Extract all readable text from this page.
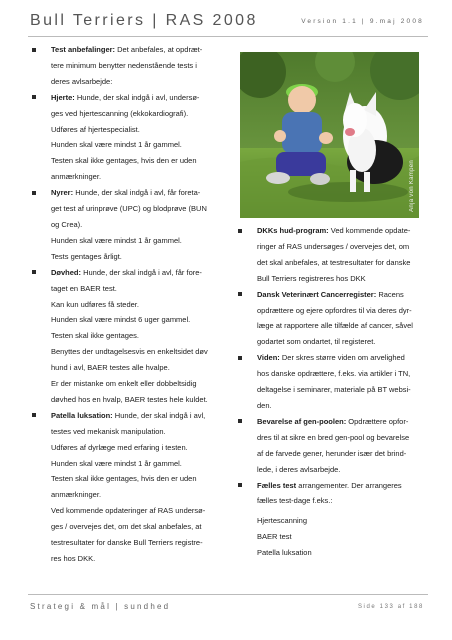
Bull Terriers | RAS 2008	Version 1.1 | 9.maj 2008
Test anbefalinger: Det anbefales, at opdræt-
tere minimum benytter nedenstående tests i
deres avlsarbejde:
Hjerte: Hunde, der skal indgå i avl, undersø-
ges ved hjertescanning (ekkokardiografi).
Udføres af hjertespecialist.
Hunden skal være mindst 1 år gammel.
Testen skal ikke gentages, hvis den er uden
anmærkninger.
Nyrer: Hunde, der skal indgå i avl, får foreta-
get test af urinprøve (UPC) og blodprøve (BUN
og Crea).
Hunden skal være mindst 1 år gammel.
Tests gentages årligt.
Døvhed: Hunde, der skal indgå i avl, får fore-
taget en BAER test.
Kan kun udføres få steder.
Hunden skal være mindst 6 uger gammel.
Testen skal ikke gentages.
Benyttes der undtagelsesvis en enkeltsidet døv
hund i avl, BAER testes alle hvalpe.
Er der mistanke om enkelt eller dobbeltsidig
døvhed hos en hvalp, BAER testes hele kuldet.
Patella luksation: Hunde, der skal indgå i avl,
testes ved mekanisk manipulation.
Udføres af dyrlæge med erfaring i testen.
Hunden skal være mindst 1 år gammel.
Testen skal ikke gentages, hvis den er uden
anmærkninger.
Ved kommende opdateringer af RAS undersø-
ges / overvejes det, om det skal anbefales, at
testresultater for danske Bull Terriers registre-
res hos DKK.
Anja von Kampen
DKKs hud-program: Ved kommende opdate-
ringer af RAS undersøges / overvejes det, om
det skal anbefales, at testresultater for danske
Bull Terriers registreres hos DKK
Dansk Veterinært Cancerregister: Racens
opdrættere og ejere opfordres til via deres dyr-
læge at rapportere alle tilfælde af cancer, såvel
godartet som ondartet, til registeret.
Viden: Der skres større viden om arvelighed
hos danske opdrættere, f.eks. via artikler i TN,
deltagelse i seminarer, materiale på BT websi-
den.
Bevarelse af gen-poolen: Opdrættere opfor-
dres til at sikre en bred gen-pool og bevarelse
af de farvede gener, herunder især det brind-
lede, i deres avlsarbejde.
Fælles test arrangementer. Der arrangeres
fælles test-dage f.eks.:
Hjertescanning
BAER test
Patella luksation
Strategi & mål | sundhed	Side 133 af 188
